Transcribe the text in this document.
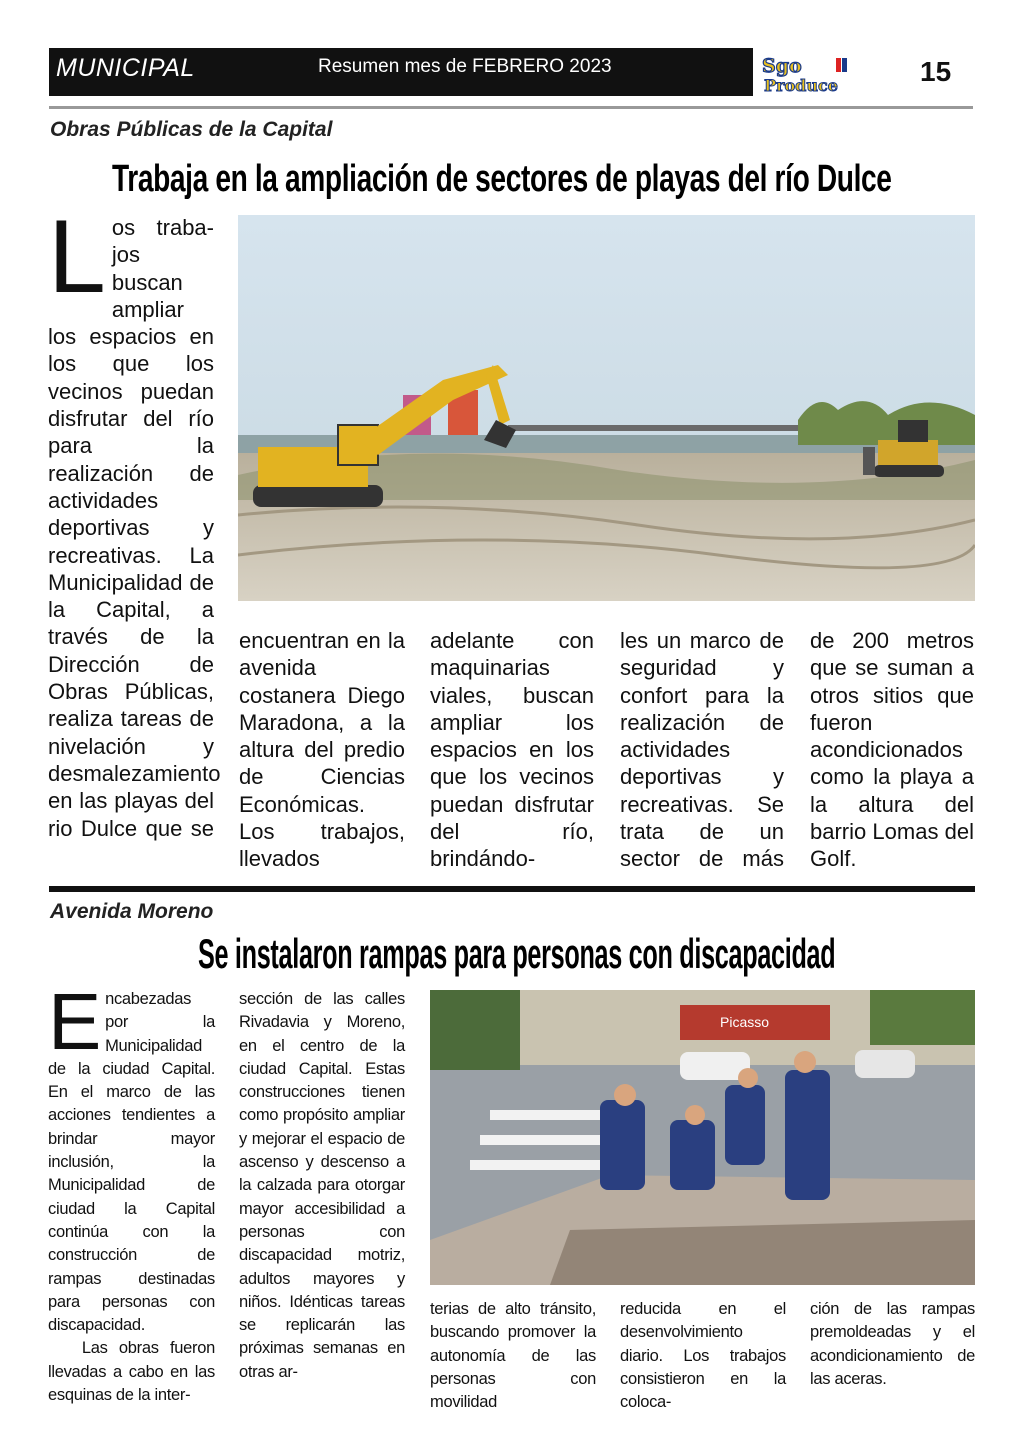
MUNICIPAL	Resumen mes de FEBRERO 2023	Sgo
Produce	15
Obras Públicas de la Capital
Trabaja en la ampliación de sectores de playas del río Dulce
Los traba-jos buscan ampliar los espacios en los que los vecinos puedan disfrutar del río para la realización de actividades deportivas y recreativas. La Municipalidad de la Capital, a través de la Dirección de Obras Públicas, realiza tareas de nivelación y desmalezamiento en las playas del rio Dulce que se
encuentran en la avenida costanera Diego Maradona, a la altura del predio de Ciencias Económicas. Los trabajos, llevados
adelante con maquinarias viales, buscan ampliar los espacios en los que los vecinos puedan disfrutar del río, brindándo-
les un marco de seguridad y confort para la realización de actividades deportivas y recreativas. Se trata de un sector de más
de 200 metros que se suman a otros sitios que fueron acondicionados como la playa a la altura del barrio Lomas del Golf.
Avenida Moreno
Se instalaron rampas para personas con discapacidad
Picasso
Encabezadas por la Municipalidad de la ciudad Capital. En el marco de las acciones tendientes a brindar mayor inclusión, la Municipalidad de ciudad la Capital continúa con la construcción de rampas destinadas para personas con discapacidad.
Las obras fueron llevadas a cabo en las esquinas de la inter-
sección de las calles Rivadavia y Moreno, en el centro de la ciudad Capital. Estas construcciones tienen como propósito ampliar y mejorar el espacio de ascenso y descenso a la calzada para otorgar mayor accesibilidad a personas con discapacidad motriz, adultos mayores y niños. Idénticas tareas se replicarán las próximas semanas en otras ar-
terias de alto tránsito, buscando promover la autonomía de las personas con movilidad
reducida en el desenvolvimiento diario. Los trabajos consistieron en la coloca-
ción de las rampas premoldeadas y el acondicionamiento de las aceras.
